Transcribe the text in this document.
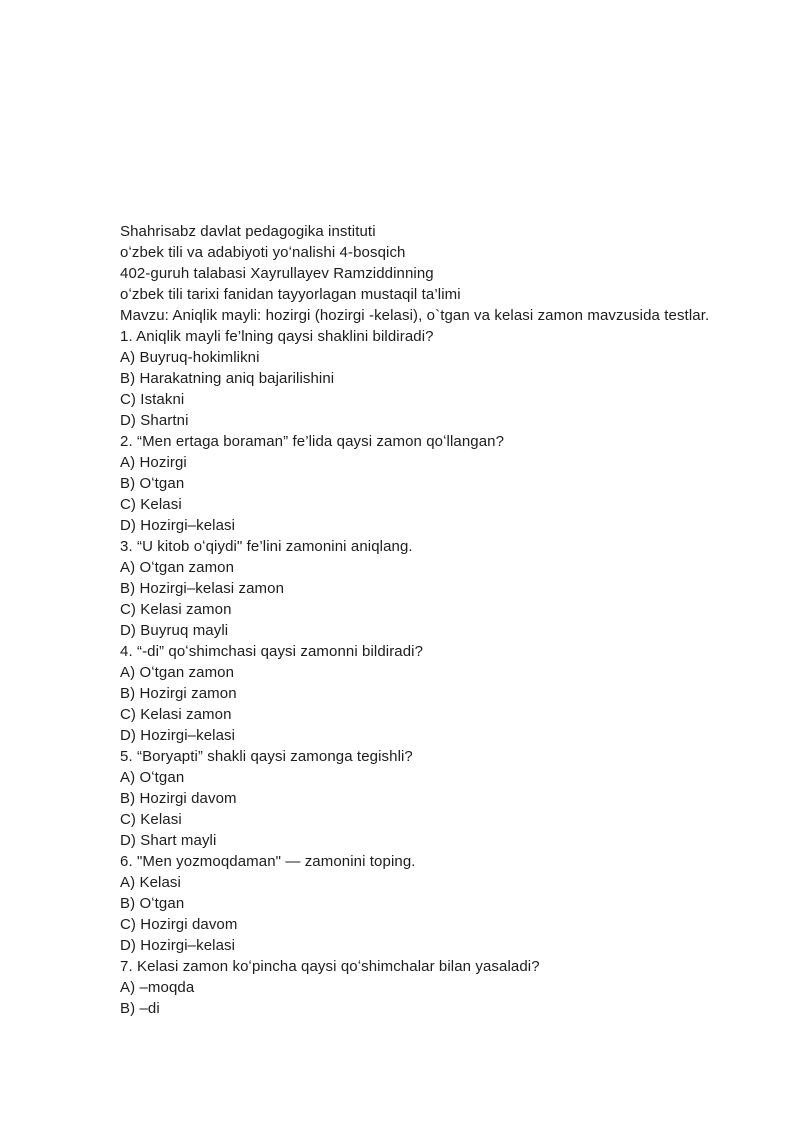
Shahrisabz davlat pedagogika instituti

oʻzbek tili va adabiyoti yoʻnalishi 4-bosqich

402-guruh talabasi Xayrullayev Ramziddinning

oʻzbek tili tarixi fanidan tayyorlagan mustaqil ta’limi

Mavzu: Aniqlik mayli: hozirgi (hozirgi -kelasi), o`tgan va kelasi zamon mavzusida testlar.

1. Aniqlik mayli fe’lning qaysi shaklini bildiradi?

A) Buyruq-hokimlikni

B) Harakatning aniq bajarilishini

C) Istakni

D) Shartni

2. “Men ertaga boraman” fe’lida qaysi zamon qoʻllangan?

A) Hozirgi

B) Oʻtgan

C) Kelasi

D) Hozirgi–kelasi

3. “U kitob oʻqiydi" fe’lini zamonini aniqlang.

A) Oʻtgan zamon

B) Hozirgi–kelasi zamon

C) Kelasi zamon

D) Buyruq mayli

4. “-di” qoʻshimchasi qaysi zamonni bildiradi?

A) Oʻtgan zamon

B) Hozirgi zamon

C) Kelasi zamon

D) Hozirgi–kelasi

5. “Boryapti” shakli qaysi zamonga tegishli?

A) Oʻtgan

B) Hozirgi davom

C) Kelasi

D) Shart mayli

6. "Men yozmoqdaman" — zamonini toping.

A) Kelasi

B) Oʻtgan

C) Hozirgi davom

D) Hozirgi–kelasi

7. Kelasi zamon koʻpincha qaysi qoʻshimchalar bilan yasaladi?

A) –moqda

B) –di
